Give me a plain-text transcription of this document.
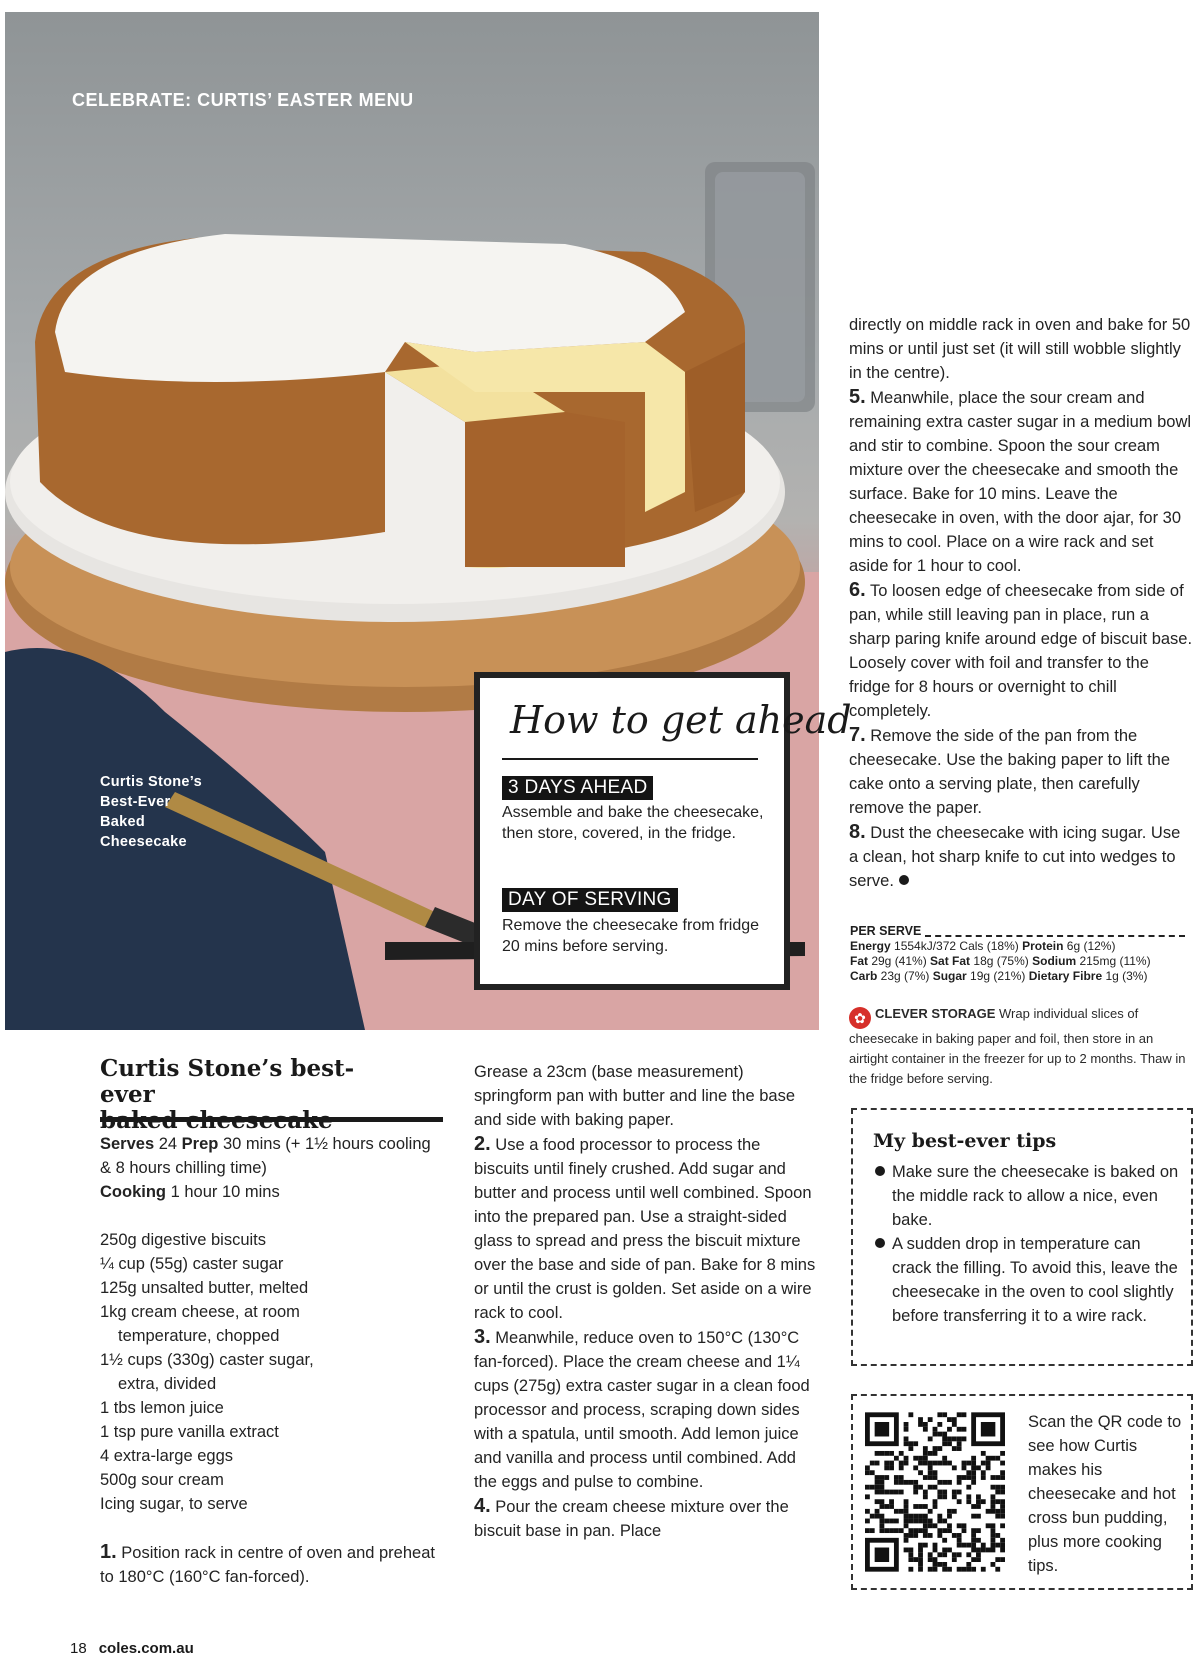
CELEBRATE: CURTIS’ EASTER MENU
Curtis Stone’s
Best-Ever
Baked
Cheesecake
How to get ahead
3 DAYS AHEAD
Assemble and bake the cheesecake, then store, covered, in the fridge.
DAY OF SERVING
Remove the cheesecake from fridge 20 mins before serving.
Curtis Stone’s best-ever

Serves 24 Prep 30 mins (+ 1½ hours cooling & 8 hours chilling time)
Cooking 1 hour 10 mins

250g digestive biscuits

¼ cup (55g) caster sugar

125g unsalted butter, melted

1kg cream cheese, at room

temperature, chopped

1½ cups (330g) caster sugar,

extra, divided

1 tbs lemon juice

1 tsp pure vanilla extract

4 extra-large eggs

500g sour cream

Icing sugar, to serve

1. Position rack in centre of oven and preheat to 180°C (160°C fan-forced).

Grease a 23cm (base measurement) springform pan with butter and line the base and side with baking paper.

2. Use a food processor to process the biscuits until finely crushed. Add sugar and butter and process until well combined. Spoon into the prepared pan. Use a straight-sided glass to spread and press the biscuit mixture over the base and side of pan. Bake for 8 mins or until the crust is golden. Set aside on a wire rack to cool.

3. Meanwhile, reduce oven to 150°C (130°C fan-forced). Place the cream cheese and 1¼ cups (275g) extra caster sugar in a clean food processor and process, scraping down sides with a spatula, until smooth. Add lemon juice and vanilla and process until combined. Add the eggs and pulse to combine.

4. Pour the cream cheese mixture over the biscuit base in pan. Place

directly on middle rack in oven and bake for 50 mins or until just set (it will still wobble slightly in the centre).

5. Meanwhile, place the sour cream and remaining extra caster sugar in a medium bowl and stir to combine. Spoon the sour cream mixture over the cheesecake and smooth the surface. Bake for 10 mins. Leave the cheesecake in oven, with the door ajar, for 30 mins to cool. Place on a wire rack and set aside for 1 hour to cool.

6. To loosen edge of cheesecake from side of pan, while still leaving pan in place, run a sharp paring knife around edge of biscuit base. Loosely cover with foil and transfer to the fridge for 8 hours or overnight to chill completely.

7. Remove the side of the pan from the cheesecake. Use the baking paper to lift the cake onto a serving plate, then carefully remove the paper.

8. Dust the cheesecake with icing sugar. Use a clean, hot sharp knife to cut into wedges to serve.

PER SERVE
Energy 1554kJ/372 Cals (18%) Protein 6g (12%)
Fat 29g (41%) Sat Fat 18g (75%) Sodium 215mg (11%)
Carb 23g (7%) Sugar 19g (21%) Dietary Fibre 1g (3%)
✿ CLEVER STORAGE Wrap individual slices of cheesecake in baking paper and foil, then store in an airtight container in the freezer for up to 2 months. Thaw in the fridge before serving.
My best-ever tips

Make sure the cheesecake is baked on the middle rack to allow a nice, even bake.

A sudden drop in temperature can crack the filling. To avoid this, leave the cheesecake in the oven to cool slightly before transferring it to a wire rack.

Scan the QR code to see how Curtis makes his cheesecake and hot cross bun pudding, plus more cooking tips.
18 coles.com.au
